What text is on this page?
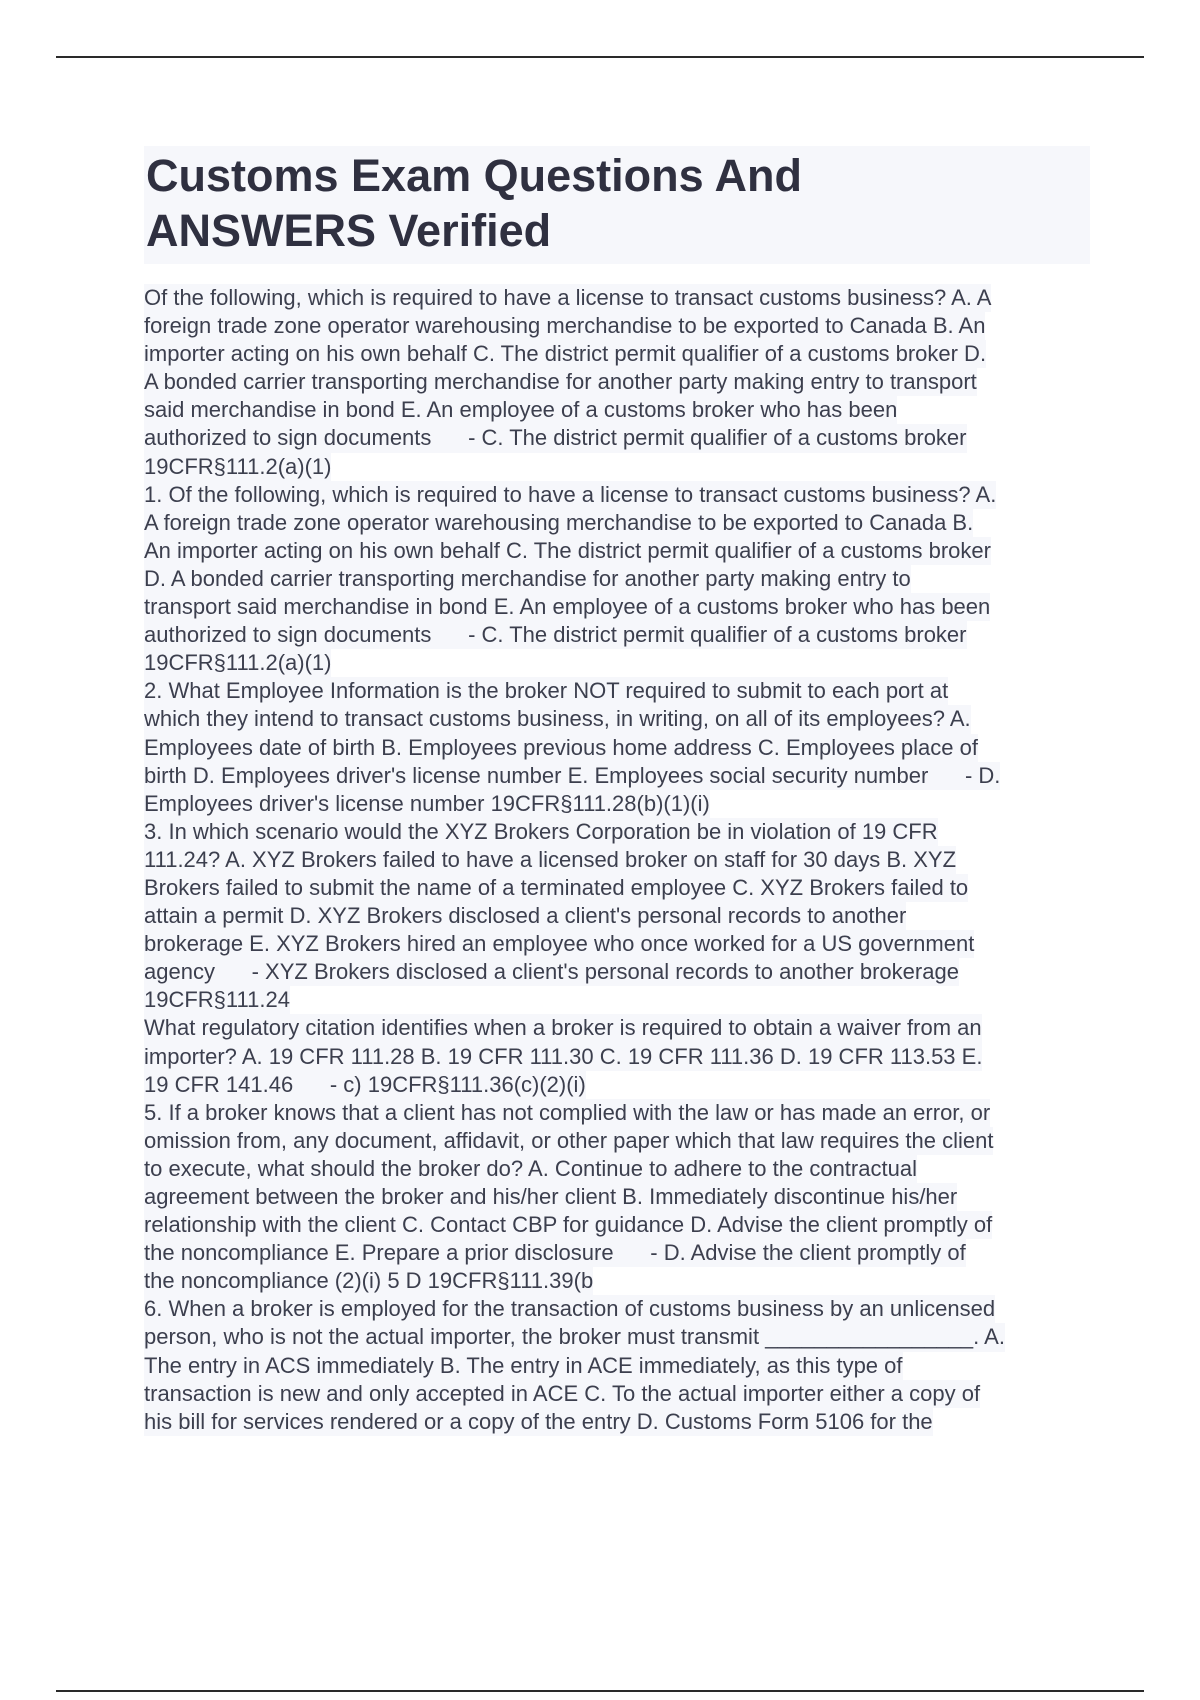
Customs Exam Questions And
ANSWERS Verified
Of the following, which is required to have a license to transact customs business? A. A
foreign trade zone operator warehousing merchandise to be exported to Canada B. An
importer acting on his own behalf C. The district permit qualifier of a customs broker D.
A bonded carrier transporting merchandise for another party making entry to transport
said merchandise in bond E. An employee of a customs broker who has been
authorized to sign documents      - C. The district permit qualifier of a customs broker
19CFR§111.2(a)(1)
1. Of the following, which is required to have a license to transact customs business? A.
A foreign trade zone operator warehousing merchandise to be exported to Canada B.
An importer acting on his own behalf C. The district permit qualifier of a customs broker
D. A bonded carrier transporting merchandise for another party making entry to
transport said merchandise in bond E. An employee of a customs broker who has been
authorized to sign documents      - C. The district permit qualifier of a customs broker
19CFR§111.2(a)(1)
2. What Employee Information is the broker NOT required to submit to each port at
which they intend to transact customs business, in writing, on all of its employees? A.
Employees date of birth B. Employees previous home address C. Employees place of
birth D. Employees driver's license number E. Employees social security number      - D.
Employees driver's license number 19CFR§111.28(b)(1)(i)
3. In which scenario would the XYZ Brokers Corporation be in violation of 19 CFR
111.24? A. XYZ Brokers failed to have a licensed broker on staff for 30 days B. XYZ
Brokers failed to submit the name of a terminated employee C. XYZ Brokers failed to
attain a permit D. XYZ Brokers disclosed a client's personal records to another
brokerage E. XYZ Brokers hired an employee who once worked for a US government
agency      - XYZ Brokers disclosed a client's personal records to another brokerage
19CFR§111.24
What regulatory citation identifies when a broker is required to obtain a waiver from an
importer? A. 19 CFR 111.28 B. 19 CFR 111.30 C. 19 CFR 111.36 D. 19 CFR 113.53 E.
19 CFR 141.46      - c) 19CFR§111.36(c)(2)(i)
5. If a broker knows that a client has not complied with the law or has made an error, or
omission from, any document, affidavit, or other paper which that law requires the client
to execute, what should the broker do? A. Continue to adhere to the contractual
agreement between the broker and his/her client B. Immediately discontinue his/her
relationship with the client C. Contact CBP for guidance D. Advise the client promptly of
the noncompliance E. Prepare a prior disclosure      - D. Advise the client promptly of
the noncompliance (2)(i) 5 D 19CFR§111.39(b
6. When a broker is employed for the transaction of customs business by an unlicensed
person, who is not the actual importer, the broker must transmit _________________. A.
The entry in ACS immediately B. The entry in ACE immediately, as this type of
transaction is new and only accepted in ACE C. To the actual importer either a copy of
his bill for services rendered or a copy of the entry D. Customs Form 5106 for the
